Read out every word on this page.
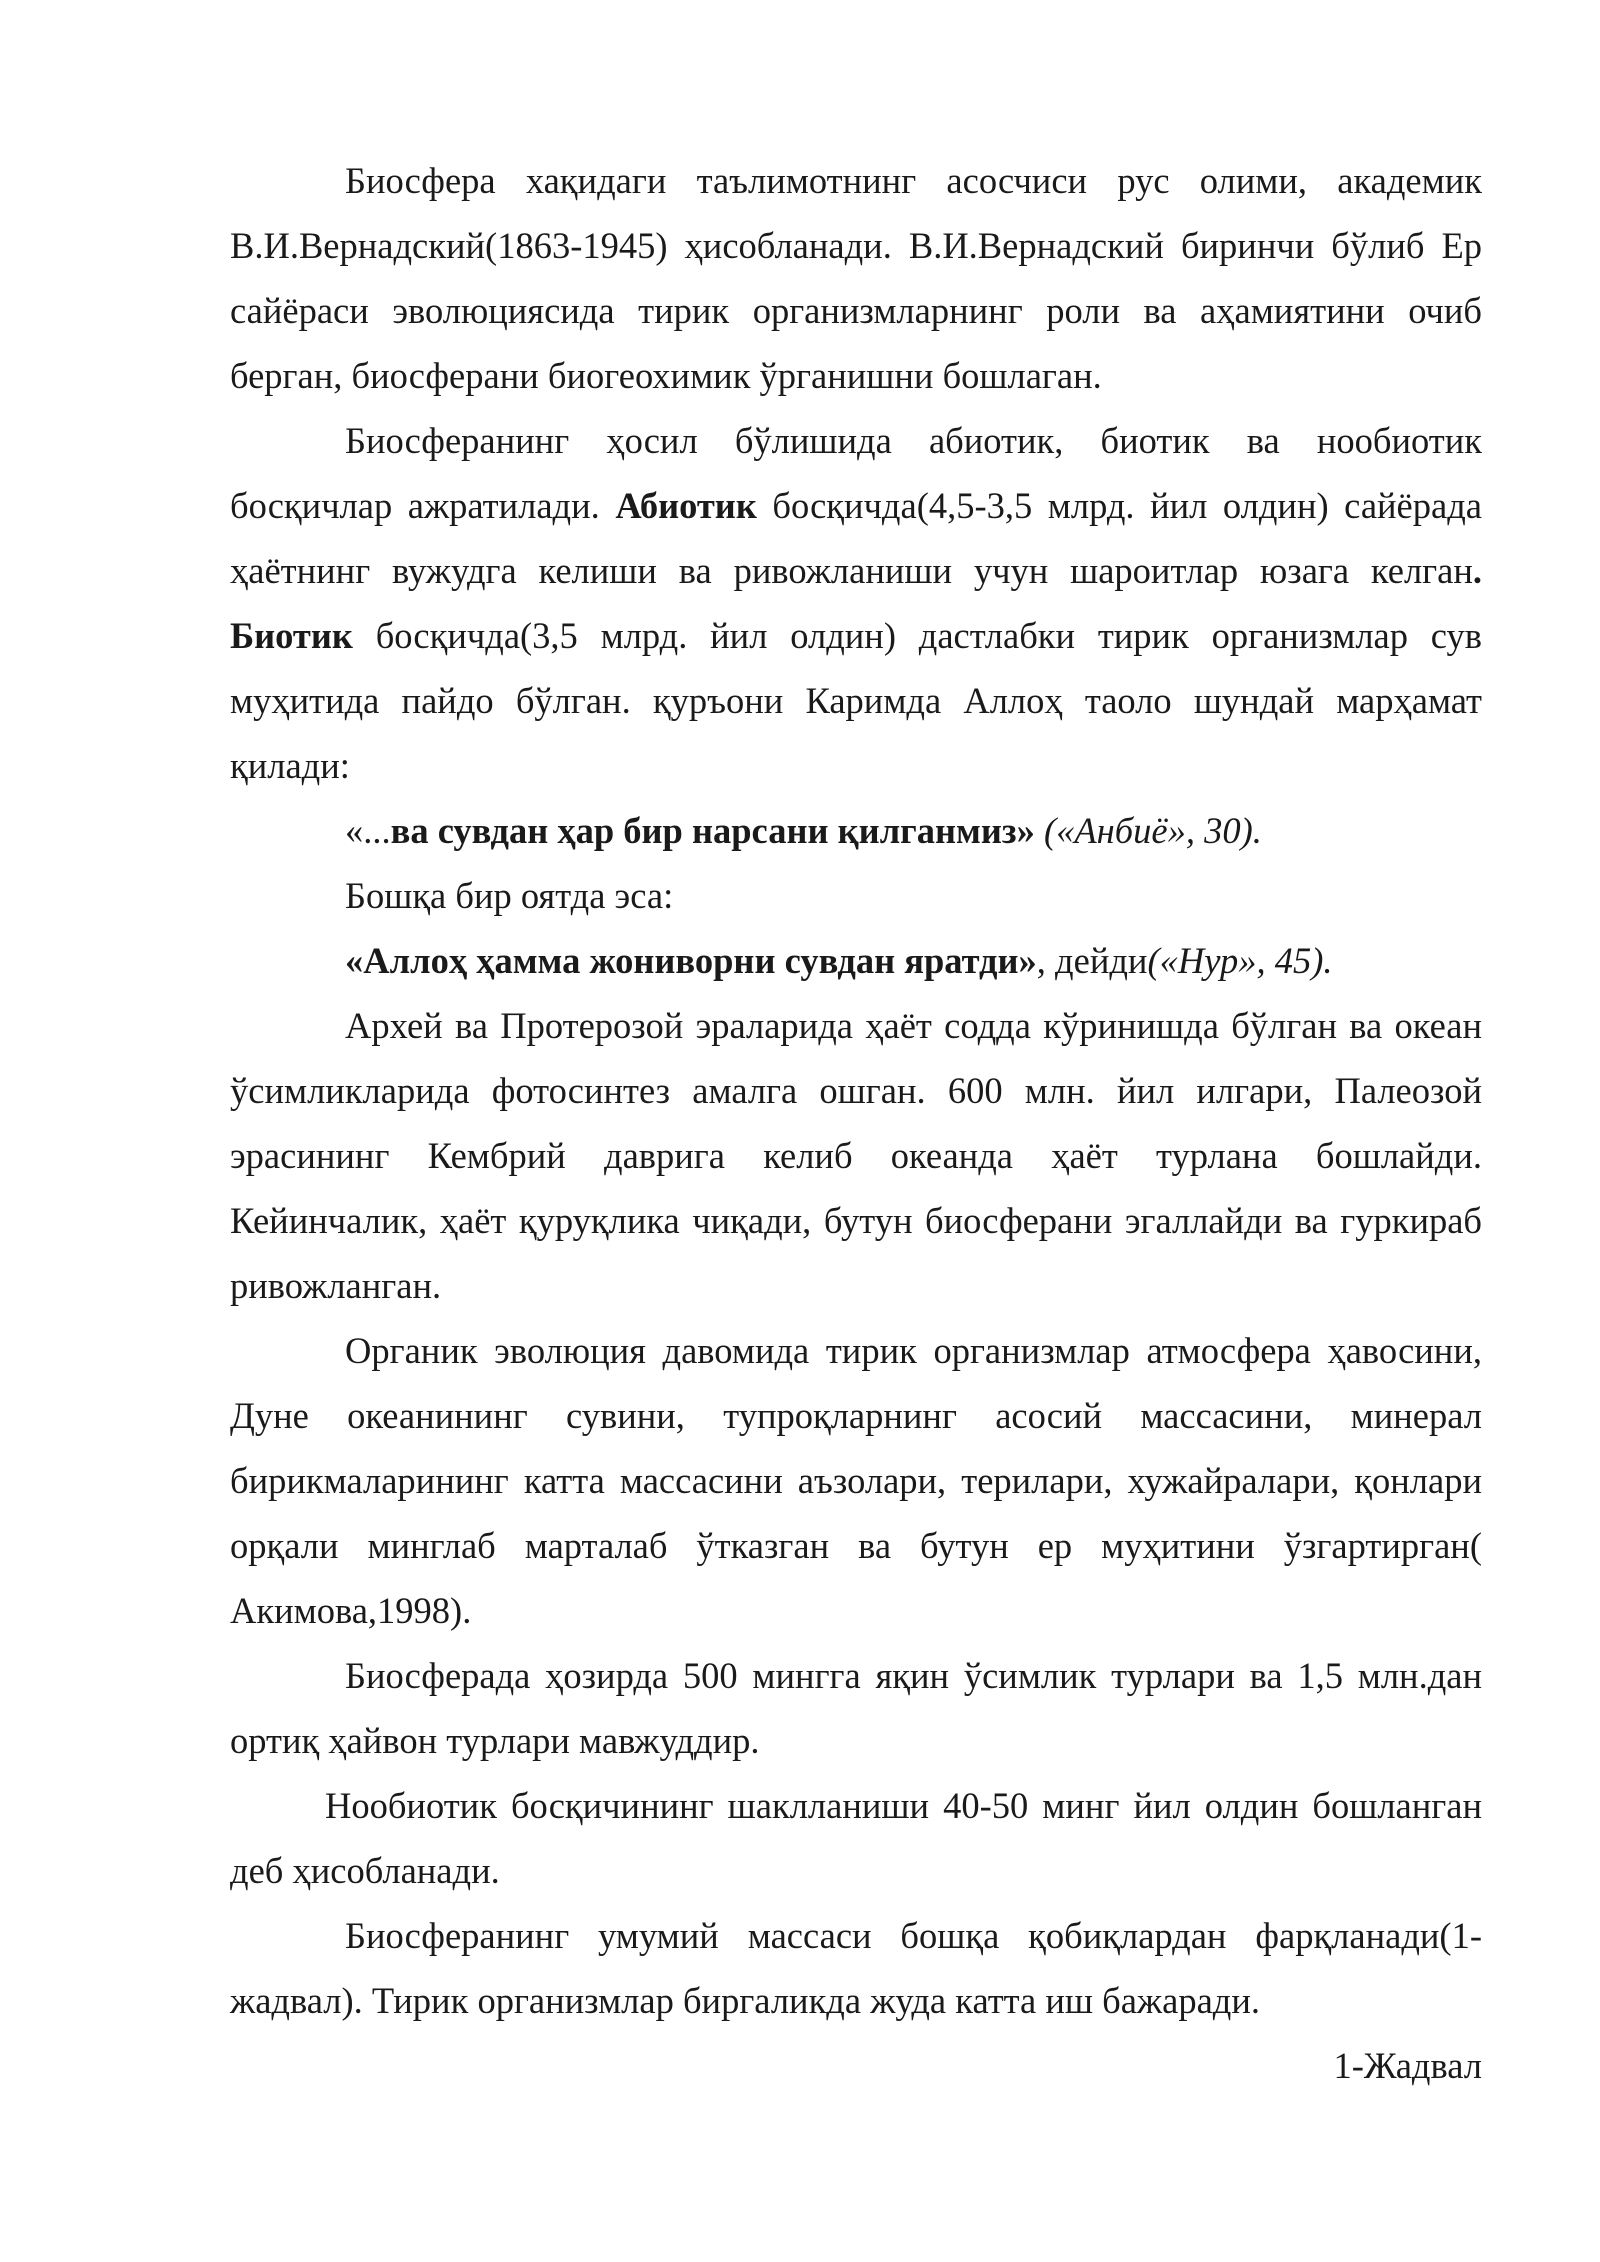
Биосфера хақидаги таълимотнинг асосчиси рус олими, академик В.И.Вернадский(1863-1945) ҳисобланади. В.И.Вернадский биринчи бўлиб Ер сайёраси эволюциясида тирик организмларнинг роли ва аҳамиятини очиб берган, биосферани биогеохимик ўрганишни бошлаган.

Биосферанинг ҳосил бўлишида абиотик, биотик ва нообиотик босқичлар ажратилади. Абиотик босқичда(4,5-3,5 млрд. йил олдин) сайёрада ҳаётнинг вужудга келиши ва ривожланиши учун шароитлар юзага келган. Биотик босқичда(3,5 млрд. йил олдин) дастлабки тирик организмлар сув муҳитида пайдо бўлган. қуръони Каримда Аллоҳ таоло шундай марҳамат қилади:

«...ва сувдан ҳар бир нарсани қилганмиз» («Анбиё», 30).

Бошқа бир оятда эса:

«Аллоҳ ҳамма жониворни сувдан яратди», дейди(«Нур», 45).

Архей ва Протерозой эраларида ҳаёт содда кўринишда бўлган ва океан ўсимликларида фотосинтез амалга ошган. 600 млн. йил илгари, Палеозой эрасининг Кембрий даврига келиб океанда ҳаёт турлана бошлайди. Кейинчалик, ҳаёт қуруқлика чиқади, бутун биосферани эгаллайди ва гуркираб ривожланган.

Органик эволюция давомида тирик организмлар атмосфера ҳавосини, Дуне океанининг сувини, тупроқларнинг асосий массасини, минерал бирикмаларининг катта массасини аъзолари, терилари, хужайралари, қонлари орқали минглаб марталаб ўтказган ва бутун ер муҳитини ўзгартирган( Акимова,1998).

Биосферада ҳозирда 500 мингга яқин ўсимлик турлари ва 1,5 млн.дан ортиқ ҳайвон турлари мавжуддир.

Нообиотик босқичининг шаклланиши 40-50 минг йил олдин бошланган деб ҳисобланади.

Биосферанинг умумий массаси бошқа қобиқлардан фарқланади(1-жадвал). Тирик организмлар биргаликда жуда катта иш бажаради.

1-Жадвал
